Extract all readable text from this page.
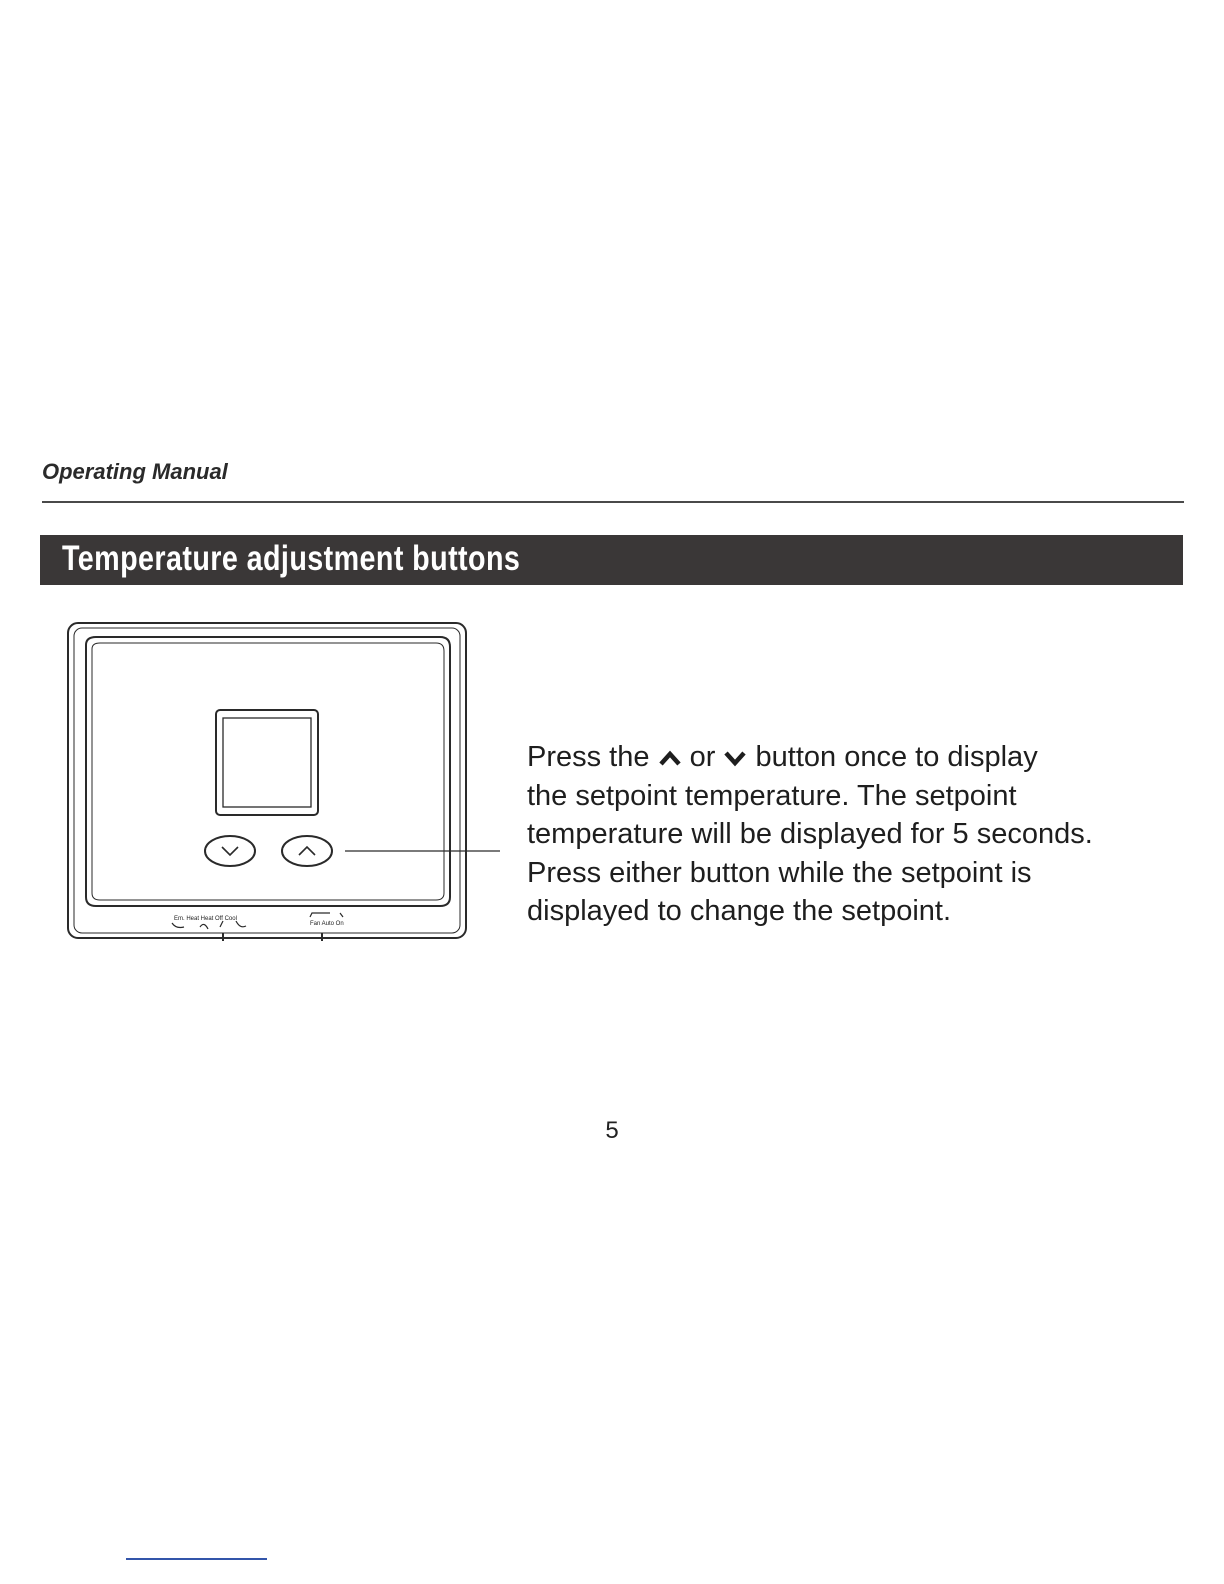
Operating Manual
Temperature adjustment buttons
Em. Heat Heat Off Cool
Fan Auto On
Press the or button once to display
the setpoint temperature. The setpoint
temperature will be displayed for 5 seconds.
Press either button while the setpoint is
displayed to change the setpoint.
5
